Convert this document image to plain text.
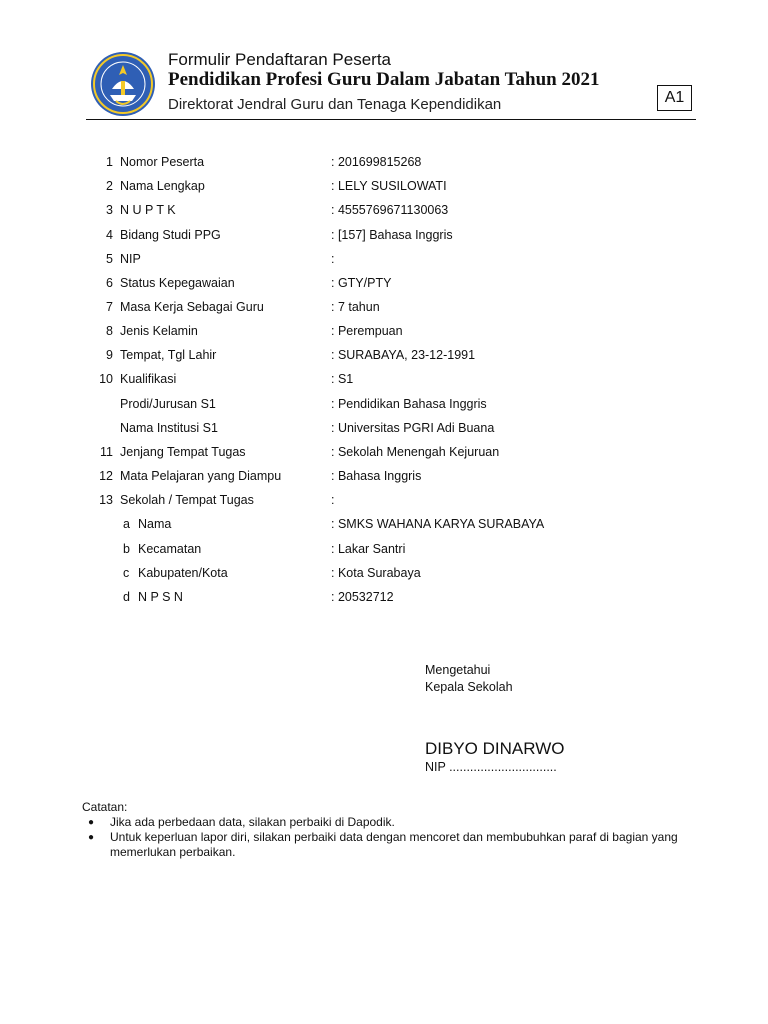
Formulir Pendaftaran Peserta
Pendidikan Profesi Guru Dalam Jabatan Tahun 2021
Direktorat Jendral Guru dan Tenaga Kependidikan	A1
1 Nomor Peserta	: 201699815268
2 Nama Lengkap	: LELY SUSILOWATI
3 N U P T K	: 4555769671130063
4 Bidang Studi PPG	: [157] Bahasa Inggris
5 NIP	:
6 Status Kepegawaian	: GTY/PTY
7 Masa Kerja Sebagai Guru	: 7 tahun
8 Jenis Kelamin	: Perempuan
9 Tempat, Tgl Lahir	: SURABAYA, 23-12-1991
10 Kualifikasi	: S1
Prodi/Jurusan S1	: Pendidikan Bahasa Inggris
Nama Institusi S1	: Universitas PGRI Adi Buana
11 Jenjang Tempat Tugas	: Sekolah Menengah Kejuruan
12 Mata Pelajaran yang Diampu	: Bahasa Inggris
13 Sekolah / Tempat Tugas	:
a Nama	: SMKS WAHANA KARYA SURABAYA
b Kecamatan	: Lakar Santri
c Kabupaten/Kota	: Kota Surabaya
d N P S N	: 20532712
Mengetahui
Kepala Sekolah
DIBYO DINARWO
NIP ...............................
Catatan:
● Jika ada perbedaan data, silakan perbaiki di Dapodik.
● Untuk keperluan lapor diri, silakan perbaiki data dengan mencoret dan membubuhkan paraf di bagian yang memerlukan perbaikan.
